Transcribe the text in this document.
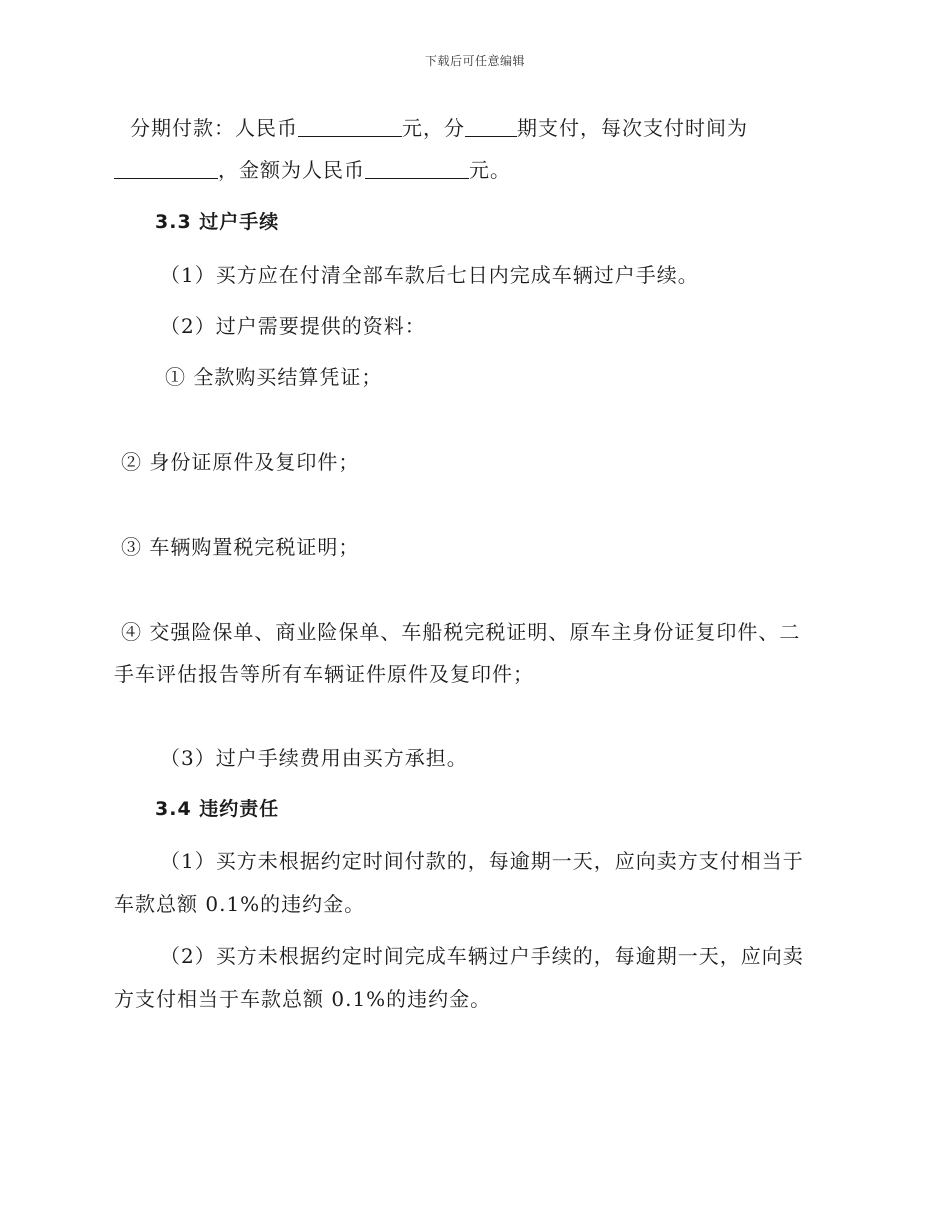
下载后可任意编辑
分期付款：人民币	元，分	期支付，每次支付时间为
，金额为人民币	元。
3.3 过户手续
（1）买方应在付清全部车款后七日内完成车辆过户手续。
（2）过户需要提供的资料：
① 全款购买结算凭证；
② 身份证原件及复印件；
③ 车辆购置税完税证明；
④ 交强险保单、商业险保单、车船税完税证明、原车主身份证复印件、二
手车评估报告等所有车辆证件原件及复印件；
（3）过户手续费用由买方承担。
3.4 违约责任
（1）买方未根据约定时间付款的，每逾期一天，应向卖方支付相当于
车款总额 0.1%的违约金。
（2）买方未根据约定时间完成车辆过户手续的，每逾期一天，应向卖
方支付相当于车款总额 0.1%的违约金。
